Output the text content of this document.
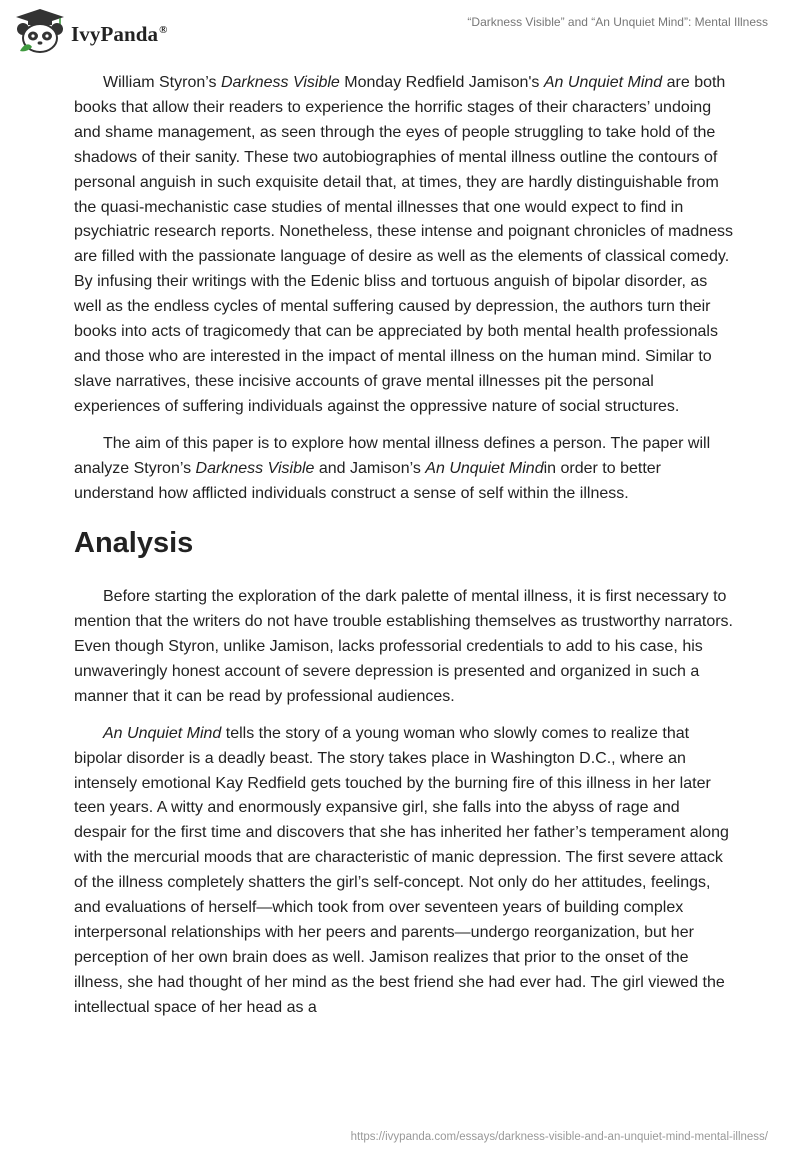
IvyPanda®
“Darkness Visible” and “An Unquiet Mind”: Mental Illness

William Styron’s Darkness Visible Monday Redfield Jamison's An Unquiet Mind are both books that allow their readers to experience the horrific stages of their characters’ undoing and shame management, as seen through the eyes of people struggling to take hold of the shadows of their sanity. These two autobiographies of mental illness outline the contours of personal anguish in such exquisite detail that, at times, they are hardly distinguishable from the quasi-mechanistic case studies of mental illnesses that one would expect to find in psychiatric research reports. Nonetheless, these intense and poignant chronicles of madness are filled with the passionate language of desire as well as the elements of classical comedy. By infusing their writings with the Edenic bliss and tortuous anguish of bipolar disorder, as well as the endless cycles of mental suffering caused by depression, the authors turn their books into acts of tragicomedy that can be appreciated by both mental health professionals and those who are interested in the impact of mental illness on the human mind. Similar to slave narratives, these incisive accounts of grave mental illnesses pit the personal experiences of suffering individuals against the oppressive nature of social structures.

The aim of this paper is to explore how mental illness defines a person. The paper will analyze Styron’s Darkness Visible and Jamison’s An Unquiet Mindin order to better understand how afflicted individuals construct a sense of self within the illness.

Analysis

Before starting the exploration of the dark palette of mental illness, it is first necessary to mention that the writers do not have trouble establishing themselves as trustworthy narrators. Even though Styron, unlike Jamison, lacks professorial credentials to add to his case, his unwaveringly honest account of severe depression is presented and organized in such a manner that it can be read by professional audiences.

An Unquiet Mind tells the story of a young woman who slowly comes to realize that bipolar disorder is a deadly beast. The story takes place in Washington D.C., where an intensely emotional Kay Redfield gets touched by the burning fire of this illness in her later teen years. A witty and enormously expansive girl, she falls into the abyss of rage and despair for the first time and discovers that she has inherited her father’s temperament along with the mercurial moods that are characteristic of manic depression. The first severe attack of the illness completely shatters the girl’s self-concept. Not only do her attitudes, feelings, and evaluations of herself—which took from over seventeen years of building complex interpersonal relationships with her peers and parents—undergo reorganization, but her perception of her own brain does as well. Jamison realizes that prior to the onset of the illness, she had thought of her mind as the best friend she had ever had. The girl viewed the intellectual space of her head as a

https://ivypanda.com/essays/darkness-visible-and-an-unquiet-mind-mental-illness/
